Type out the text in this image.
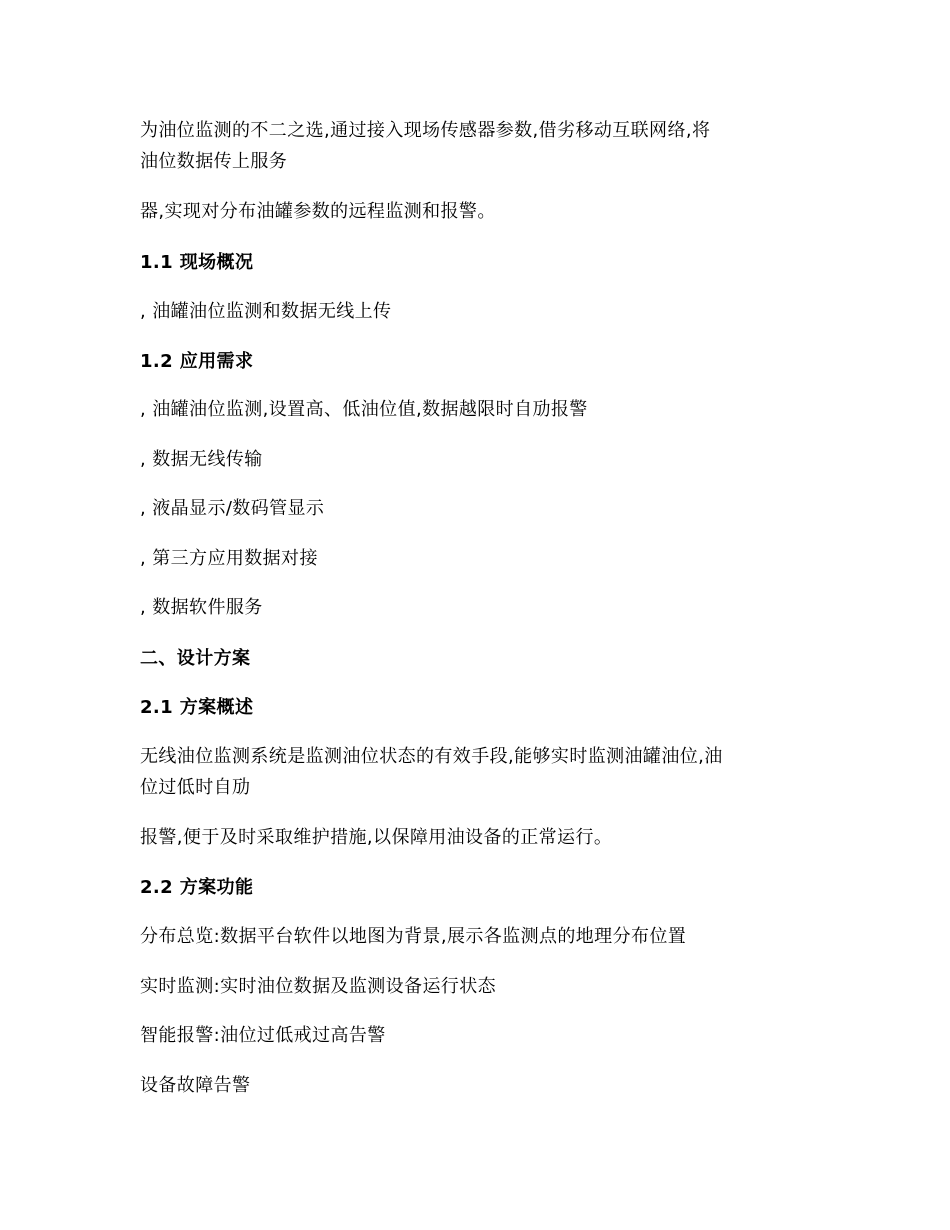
为油位监测的不二之选,通过接入现场传感器参数,借劣移动互联网络,将
油位数据传上服务
器,实现对分布油罐参数的远程监测和报警。
1.1 现场概况
, 油罐油位监测和数据无线上传
1.2 应用需求
, 油罐油位监测,设置高、低油位值,数据越限时自劢报警
, 数据无线传输
, 液晶显示/数码管显示
, 第三方应用数据对接
, 数据软件服务
二、设计方案
2.1 方案概述
无线油位监测系统是监测油位状态的有效手段,能够实时监测油罐油位,油
位过低时自劢
报警,便于及时采取维护措施,以保障用油设备的正常运行。
2.2 方案功能
分布总览:数据平台软件以地图为背景,展示各监测点的地理分布位置
实时监测:实时油位数据及监测设备运行状态
智能报警:油位过低戒过高告警
设备故障告警
